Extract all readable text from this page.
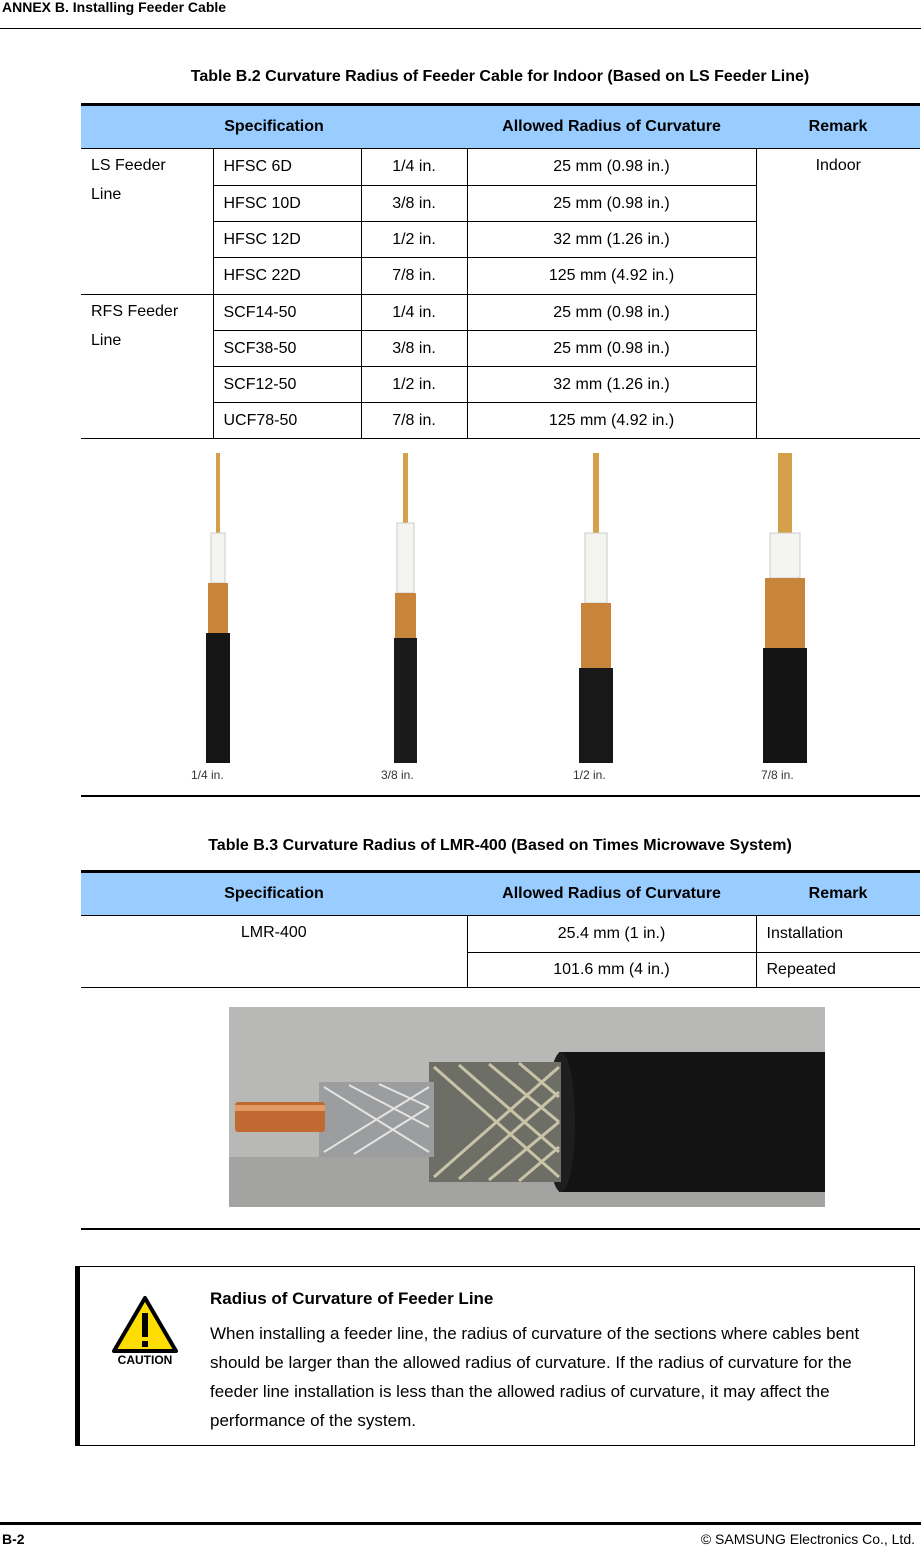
ANNEX B. Installing Feeder Cable
Table B.2 Curvature Radius of Feeder Cable for Indoor (Based on LS Feeder Line)
Specification			Allowed Radius of Curvature	Remark
LS Feeder
Line	HFSC 6D	1/4 in.	25 mm (0.98 in.)	Indoor
	HFSC 10D	3/8 in.	25 mm (0.98 in.)	
	HFSC 12D	1/2 in.	32 mm (1.26 in.)	
	HFSC 22D	7/8 in.	125 mm (4.92 in.)	
RFS Feeder
Line	SCF14-50	1/4 in.	25 mm (0.98 in.)	
	SCF38-50	3/8 in.	25 mm (0.98 in.)	
	SCF12-50	1/2 in.	32 mm (1.26 in.)	
	UCF78-50	7/8 in.	125 mm (4.92 in.)	
1/4 in.	3/8 in.	1/2 in.	7/8 in.
Table B.3 Curvature Radius of LMR-400 (Based on Times Microwave System)
Specification	Allowed Radius of Curvature	Remark
LMR-400	25.4 mm (1 in.)	Installation
	101.6 mm (4 in.)	Repeated
CAUTION
Radius of Curvature of Feeder Line
When installing a feeder line, the radius of curvature of the sections where cables bent should be larger than the allowed radius of curvature. If the radius of curvature for the feeder line installation is less than the allowed radius of curvature, it may affect the performance of the system.
B-2	© SAMSUNG Electronics Co., Ltd.
